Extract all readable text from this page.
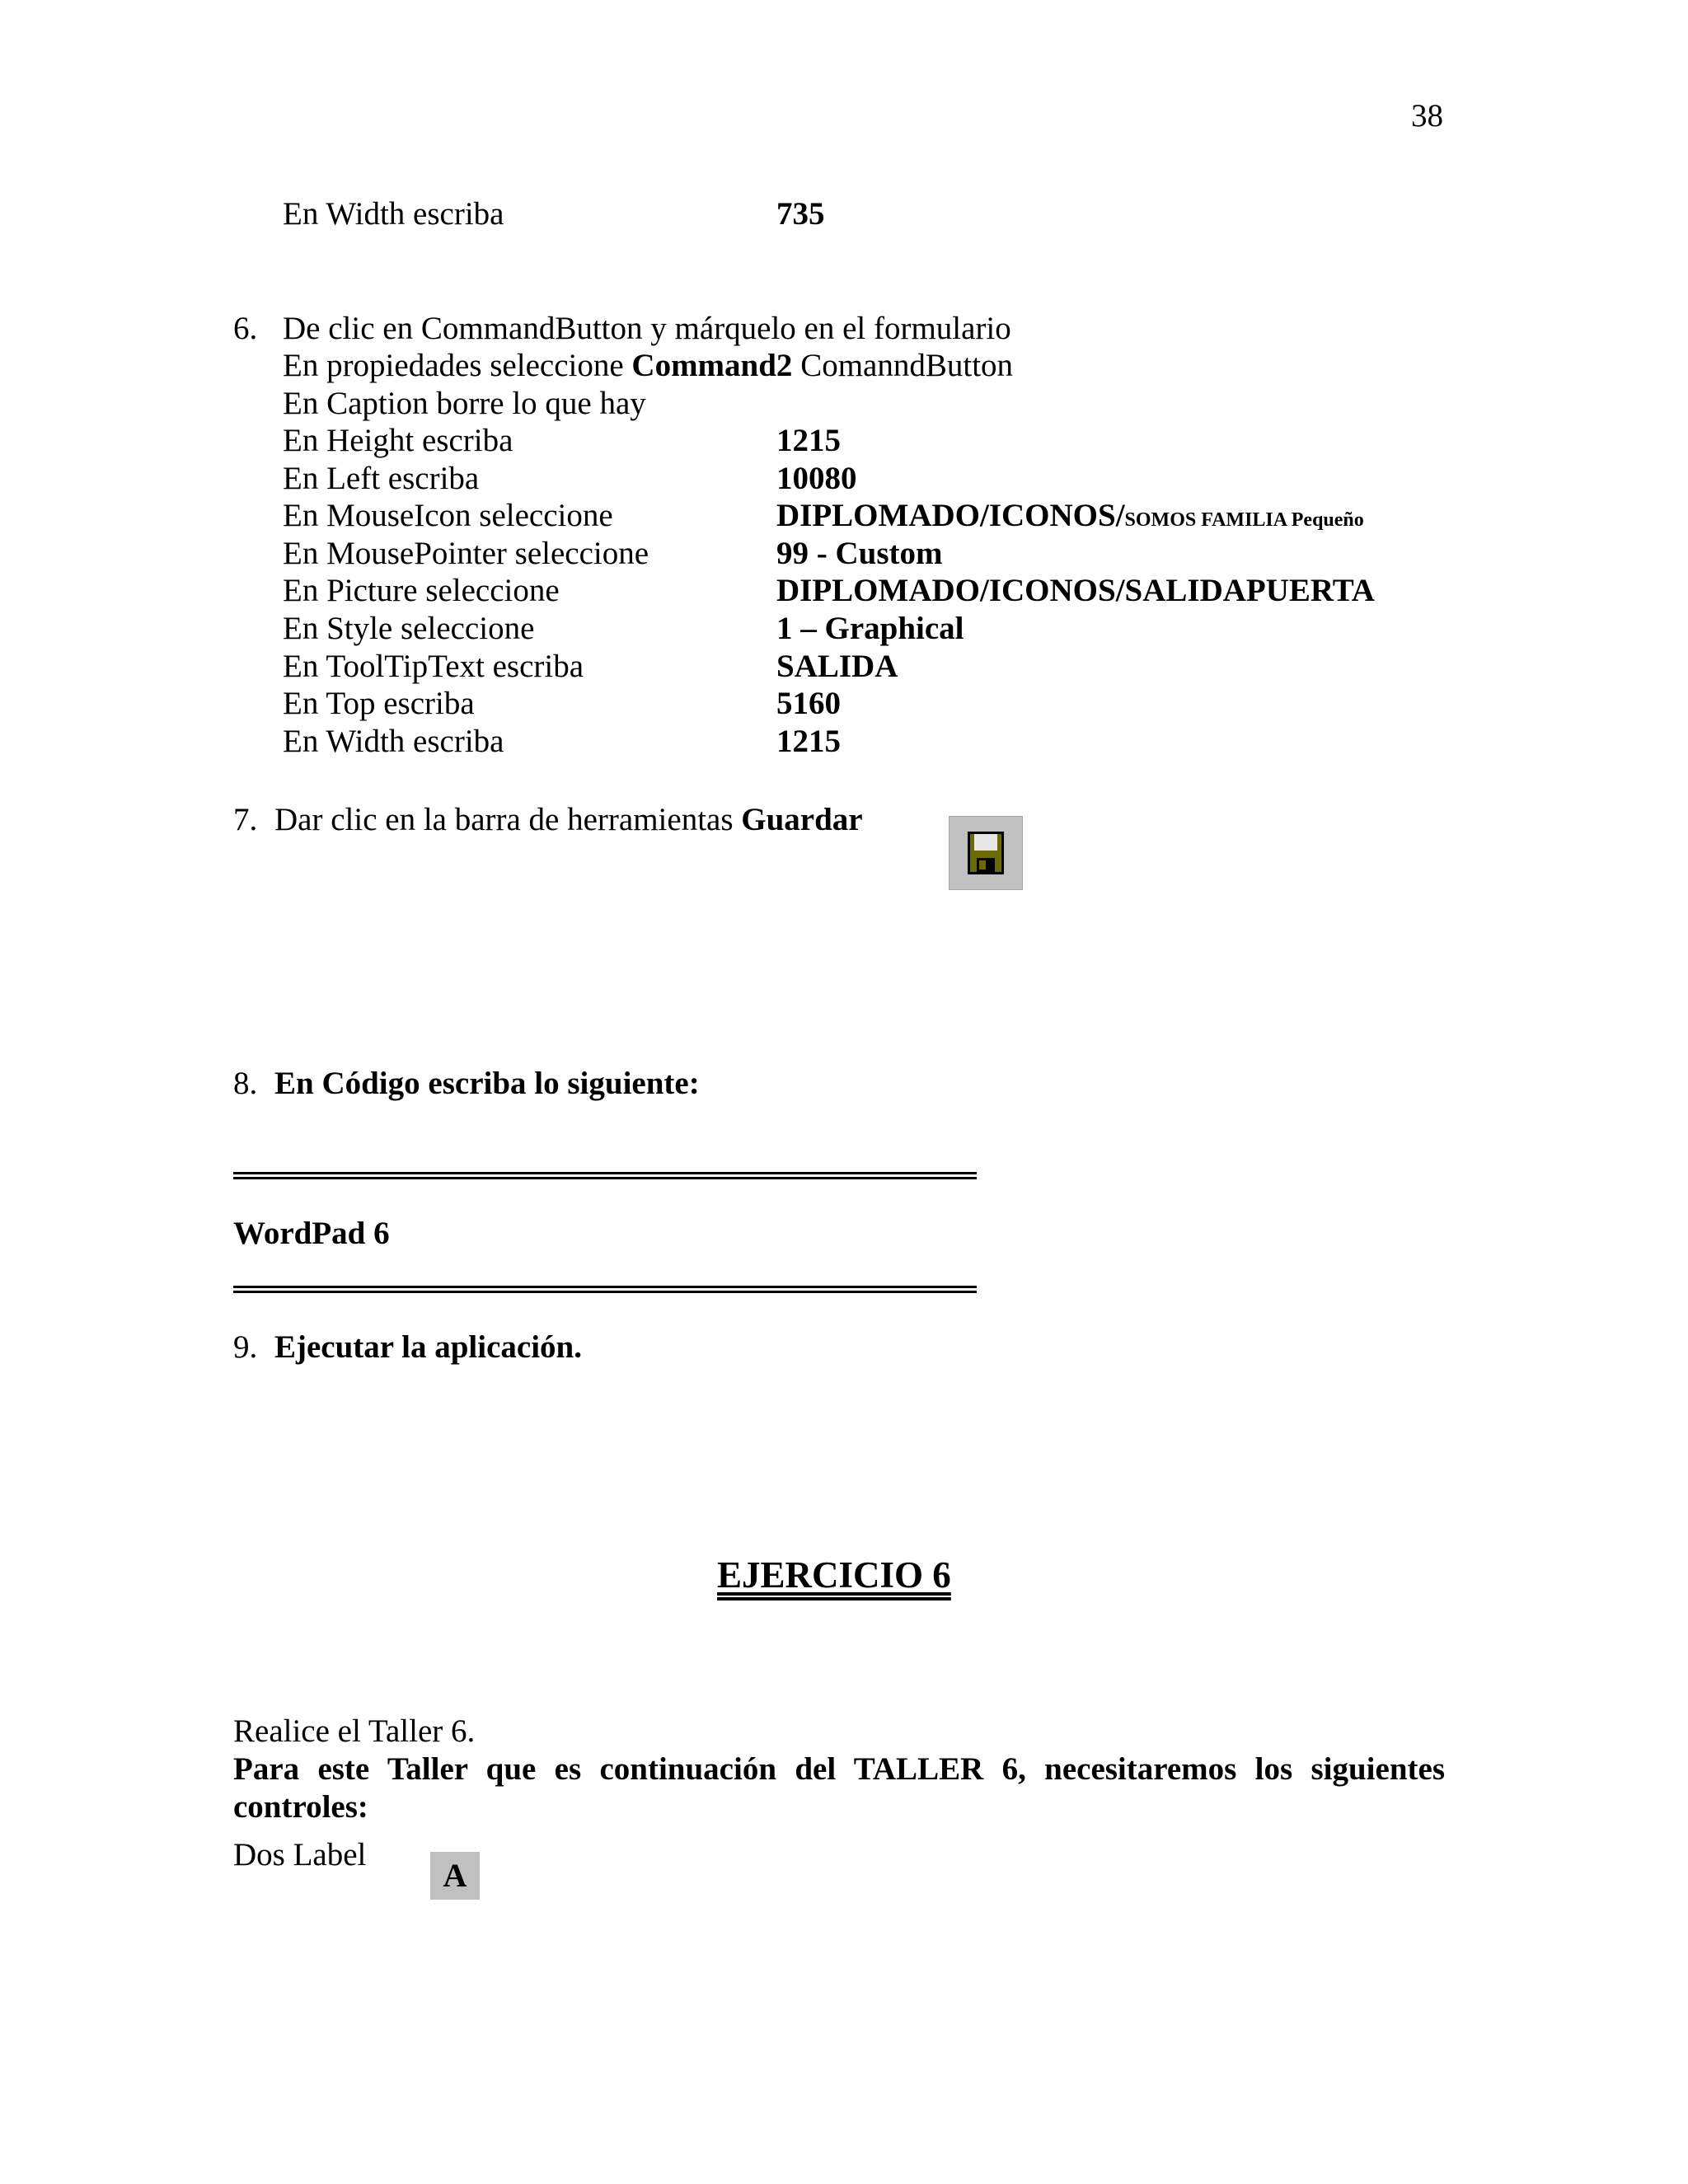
38
En Width escriba	735
6. De clic en CommandButton y márquelo en el formulario
En propiedades seleccione Command2 ComanndButton
En Caption borre lo que hay
En Height escriba	1215
En Left escriba	10080
En MouseIcon seleccione	DIPLOMADO/ICONOS/SOMOS FAMILIA Pequeño
En MousePointer seleccione	99 - Custom
En Picture seleccione	DIPLOMADO/ICONOS/SALIDAPUERTA
En Style seleccione	1 – Graphical
En ToolTipText escriba	SALIDA
En Top escriba	5160
En Width escriba	1215
7. Dar clic en la barra de herramientas Guardar
8. En Código escriba lo siguiente:
WordPad 6
9. Ejecutar la aplicación.
EJERCICIO 6
Realice el Taller 6.
Para este Taller que es continuación del TALLER 6, necesitaremos los siguientes controles:
Dos Label
A
